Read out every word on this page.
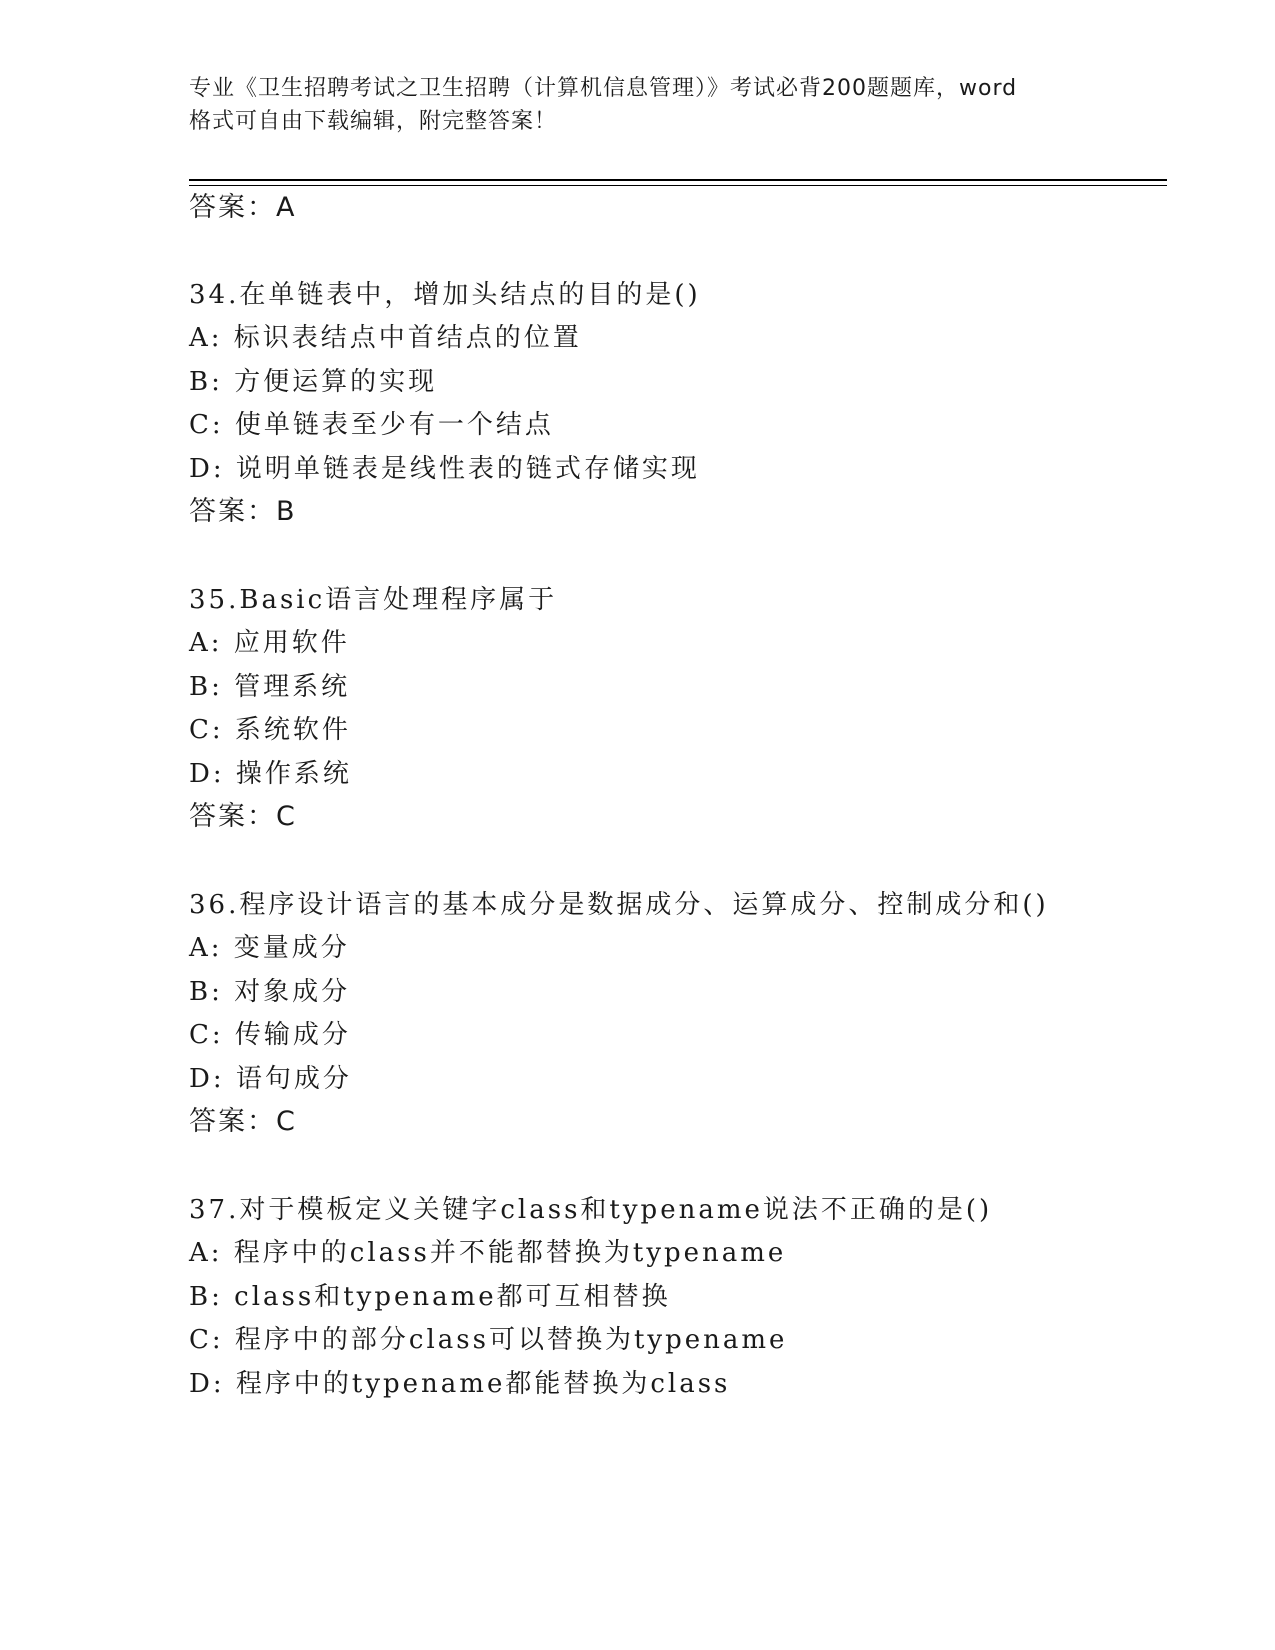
专业《卫生招聘考试之卫生招聘（计算机信息管理）》考试必背200题题库，word
格式可自由下载编辑，附完整答案！
答案：A
34.在单链表中，增加头结点的目的是()
A: 标识表结点中首结点的位置
B: 方便运算的实现
C: 使单链表至少有一个结点
D: 说明单链表是线性表的链式存储实现
答案：B
35.Basic语言处理程序属于
A: 应用软件
B: 管理系统
C: 系统软件
D: 操作系统
答案：C
36.程序设计语言的基本成分是数据成分、运算成分、控制成分和()
A: 变量成分
B: 对象成分
C: 传输成分
D: 语句成分
答案：C
37.对于模板定义关键字class和typename说法不正确的是()
A: 程序中的class并不能都替换为typename
B: class和typename都可互相替换
C: 程序中的部分class可以替换为typename
D: 程序中的typename都能替换为class
